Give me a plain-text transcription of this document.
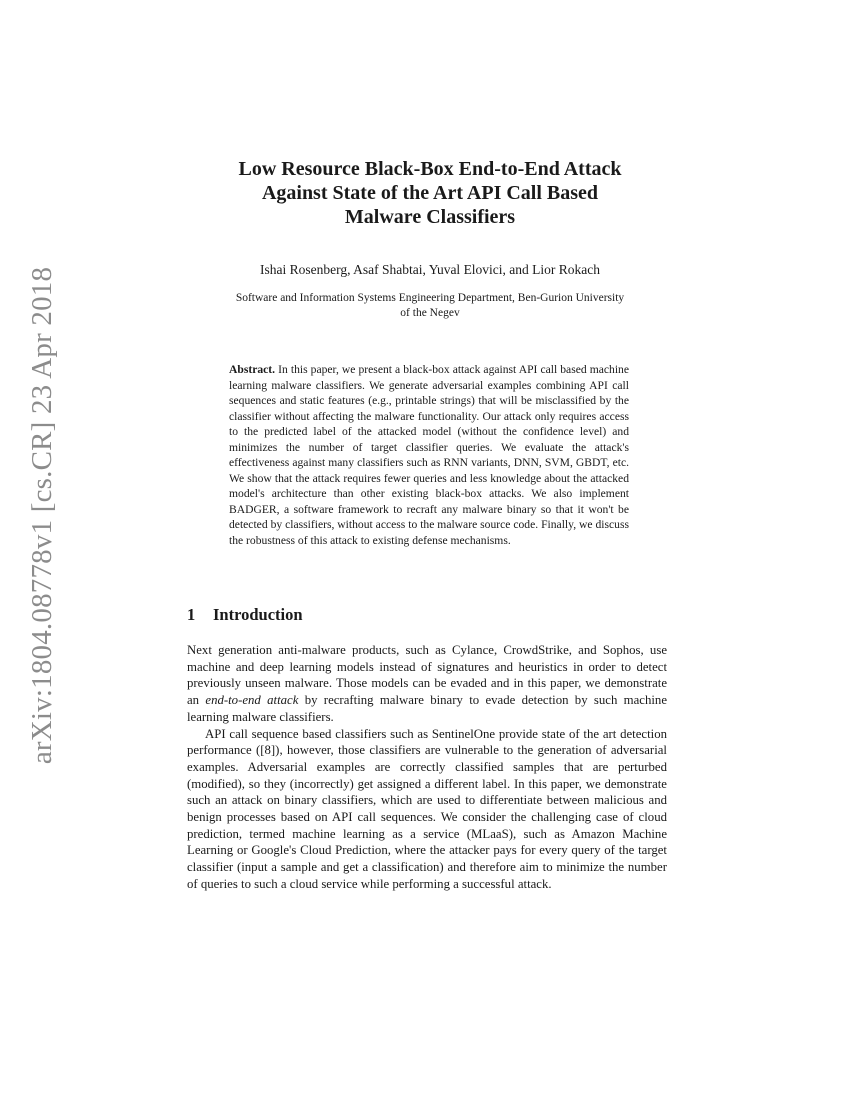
arXiv:1804.08778v1 [cs.CR] 23 Apr 2018
Low Resource Black-Box End-to-End Attack
Against State of the Art API Call Based
Malware Classifiers

Ishai Rosenberg, Asaf Shabtai, Yuval Elovici, and Lior Rokach

Software and Information Systems Engineering Department, Ben-Gurion University
of the Negev

Abstract. In this paper, we present a black-box attack against API call based machine learning malware classifiers. We generate adversarial examples combining API call sequences and static features (e.g., printable strings) that will be misclassified by the classifier without affecting the malware functionality. Our attack only requires access to the predicted label of the attacked model (without the confidence level) and minimizes the number of target classifier queries. We evaluate the attack's effectiveness against many classifiers such as RNN variants, DNN, SVM, GBDT, etc. We show that the attack requires fewer queries and less knowledge about the attacked model's architecture than other existing black-box attacks. We also implement BADGER, a software framework to recraft any malware binary so that it won't be detected by classifiers, without access to the malware source code. Finally, we discuss the robustness of this attack to existing defense mechanisms.

1 Introduction

Next generation anti-malware products, such as Cylance, CrowdStrike, and Sophos, use machine and deep learning models instead of signatures and heuristics in order to detect previously unseen malware. Those models can be evaded and in this paper, we demonstrate an end-to-end attack by recrafting malware binary to evade detection by such machine learning malware classifiers.

API call sequence based classifiers such as SentinelOne provide state of the art detection performance ([8]), however, those classifiers are vulnerable to the generation of adversarial examples. Adversarial examples are correctly classified samples that are perturbed (modified), so they (incorrectly) get assigned a different label. In this paper, we demonstrate such an attack on binary classifiers, which are used to differentiate between malicious and benign processes based on API call sequences. We consider the challenging case of cloud prediction, termed machine learning as a service (MLaaS), such as Amazon Machine Learning or Google's Cloud Prediction, where the attacker pays for every query of the target classifier (input a sample and get a classification) and therefore aim to minimize the number of queries to such a cloud service while performing a successful attack.
